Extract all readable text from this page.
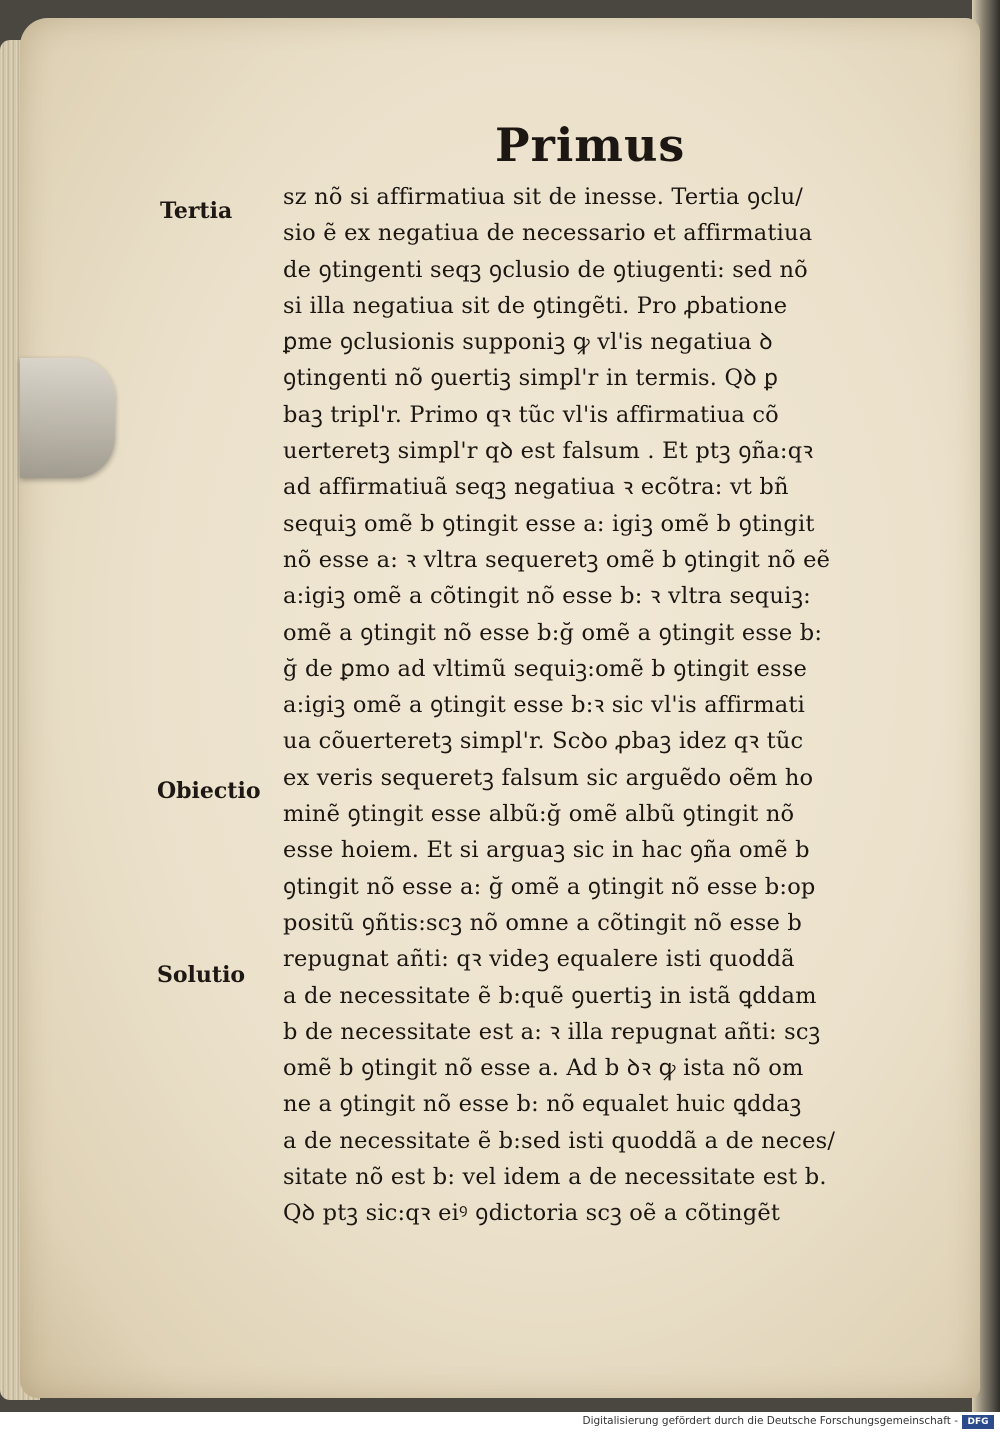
Primus
Tertia
Obiectio
Solutio
sz nõ si affirmatiua sit de inesse. Tertia ꝯclu/
sio ẽ ex negatiua de necessario et affirmatiua
de ꝯtingenti seqꝫ ꝯclusio de ꝯtiugenti: sed nõ
si illa negatiua sit de ꝯtingẽti. Pro ꝓbatione
ꝑme ꝯclusionis supponiꝫ ꝙ vl'is negatiua ꝺ
ꝯtingenti nõ ꝯuertiꝫ simpl'r in termis. Qꝺ ꝑ
baꝫ tripl'r. Primo qꝛ tũc vl'is affirmatiua cõ
uerteretꝫ simpl'r qꝺ est falsum . Et ptꝫ ꝯña:qꝛ
ad affirmatiuã seqꝫ negatiua ꝛ ecõtra: vt bñ
sequiꝫ omẽ b ꝯtingit esse a: igiꝫ omẽ b ꝯtingit
nõ esse a: ꝛ vltra sequeretꝫ omẽ b ꝯtingit nõ eẽ
a:igiꝫ omẽ a cõtingit nõ esse b: ꝛ vltra sequiꝫ:
omẽ a ꝯtingit nõ esse b:ğ omẽ a ꝯtingit esse b:
ğ de ꝑmo ad vltimũ sequiꝫ:omẽ b ꝯtingit esse
a:igiꝫ omẽ a ꝯtingit esse b:ꝛ sic vl'is affirmati
ua cõuerteretꝫ simpl'r. Scꝺo ꝓbaꝫ idez qꝛ tũc
ex veris sequeretꝫ falsum sic arguẽdo oẽm ho
minẽ ꝯtingit esse albũ:ğ omẽ albũ ꝯtingit nõ
esse hoiem. Et si arguaꝫ sic in hac ꝯña omẽ b
ꝯtingit nõ esse a: ğ omẽ a ꝯtingit nõ esse b:op
positũ ꝯñtis:scꝫ nõ omne a cõtingit nõ esse b
repugnat añti: qꝛ videꝫ equalere isti quoddã
a de necessitate ẽ b:quẽ ꝯuertiꝫ in istã ꝗddam
b de necessitate est a: ꝛ illa repugnat añti: scꝫ
omẽ b ꝯtingit nõ esse a. Ad b ꝺꝛ ꝙ ista nõ om
ne a ꝯtingit nõ esse b: nõ equalet huic ꝗddaꝫ
a de necessitate ẽ b:sed isti quoddã a de neces/
sitate nõ est b: vel idem a de necessitate est b.
Qꝺ ptꝫ sic:qꝛ eiꝰ ꝯdictoria scꝫ oẽ a cõtingẽt
Digitalisierung gefördert durch die Deutsche Forschungsgemeinschaft -	DFG
